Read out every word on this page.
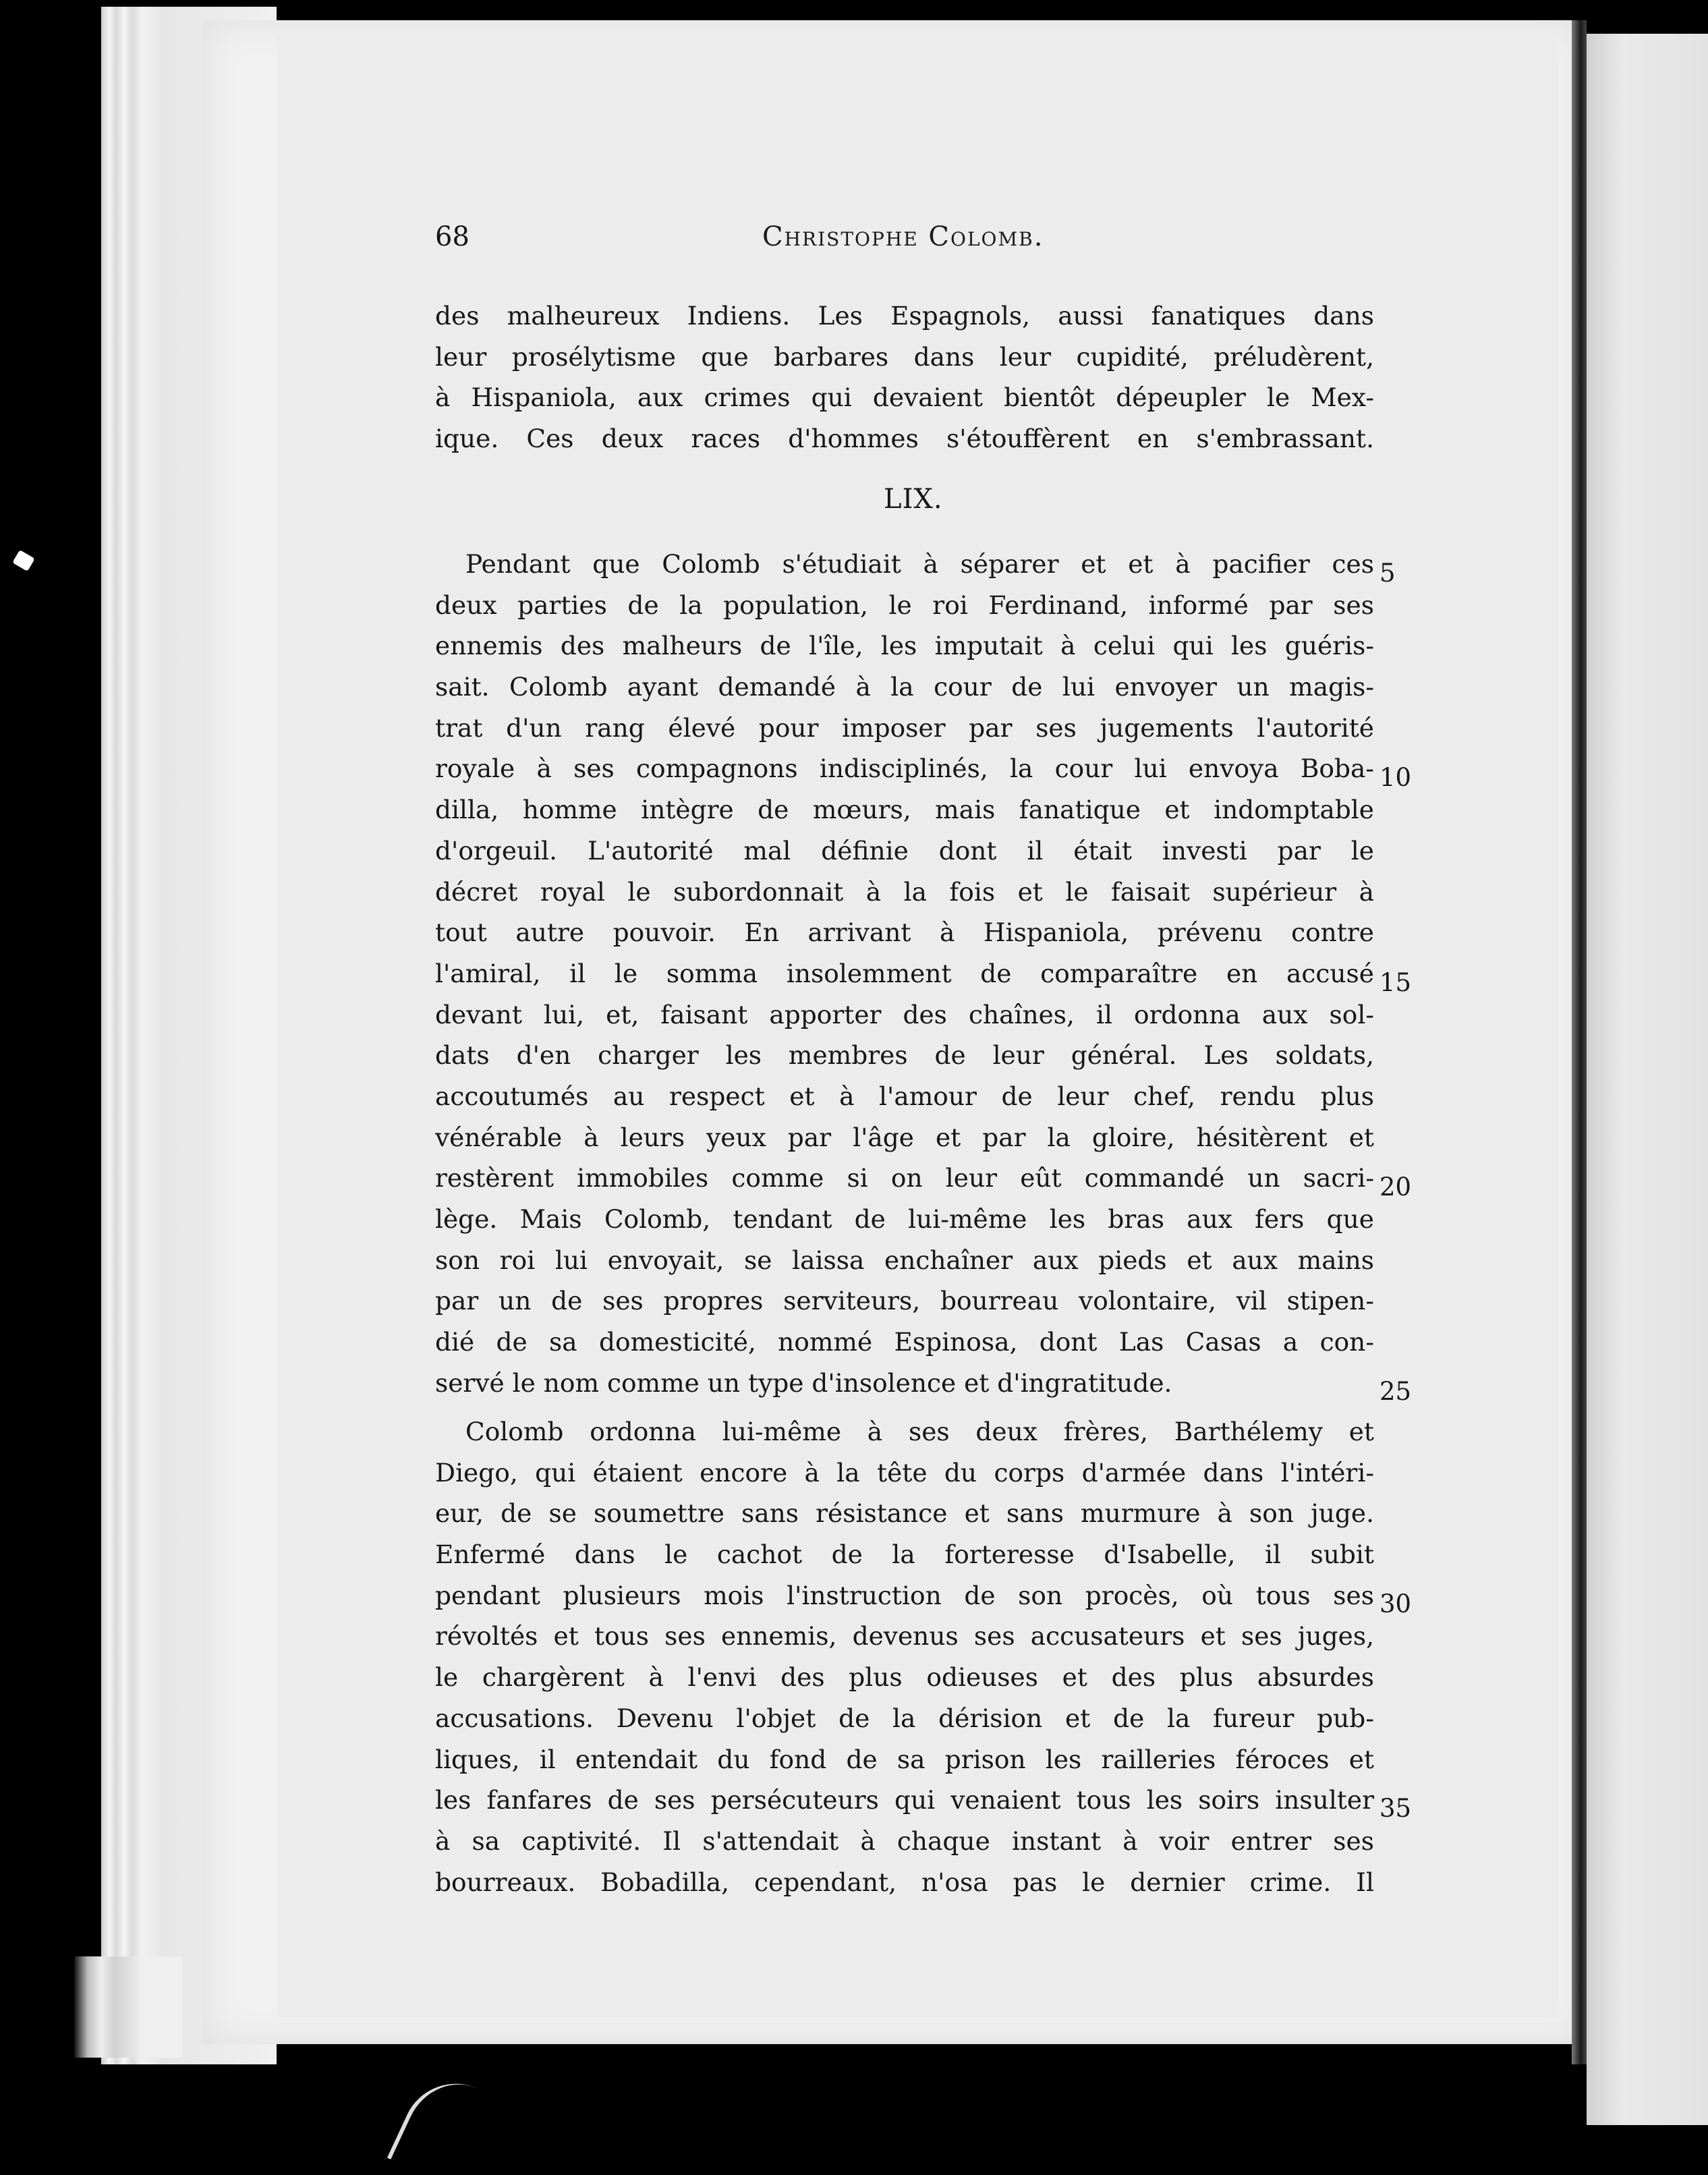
68	Christophe Colomb.
des malheureux Indiens. Les Espagnols, aussi fanatiques dans
leur prosélytisme que barbares dans leur cupidité, préludèrent,
à Hispaniola, aux crimes qui devaient bientôt dépeupler le Mex-
ique. Ces deux races d'hommes s'étouffèrent en s'embrassant.
LIX.
Pendant que Colomb s'étudiait à séparer et et à pacifier ces
deux parties de la population, le roi Ferdinand, informé par ses
ennemis des malheurs de l'île, les imputait à celui qui les guéris-
sait. Colomb ayant demandé à la cour de lui envoyer un magis-
trat d'un rang élevé pour imposer par ses jugements l'autorité
royale à ses compagnons indisciplinés, la cour lui envoya Boba-
dilla, homme intègre de mœurs, mais fanatique et indomptable
d'orgeuil. L'autorité mal définie dont il était investi par le
décret royal le subordonnait à la fois et le faisait supérieur à
tout autre pouvoir. En arrivant à Hispaniola, prévenu contre
l'amiral, il le somma insolemment de comparaître en accusé
devant lui, et, faisant apporter des chaînes, il ordonna aux sol-
dats d'en charger les membres de leur général. Les soldats,
accoutumés au respect et à l'amour de leur chef, rendu plus
vénérable à leurs yeux par l'âge et par la gloire, hésitèrent et
restèrent immobiles comme si on leur eût commandé un sacri-
lège. Mais Colomb, tendant de lui-même les bras aux fers que
son roi lui envoyait, se laissa enchaîner aux pieds et aux mains
par un de ses propres serviteurs, bourreau volontaire, vil stipen-
dié de sa domesticité, nommé Espinosa, dont Las Casas a con-
servé le nom comme un type d'insolence et d'ingratitude.
Colomb ordonna lui-même à ses deux frères, Barthélemy et
Diego, qui étaient encore à la tête du corps d'armée dans l'intéri-
eur, de se soumettre sans résistance et sans murmure à son juge.
Enfermé dans le cachot de la forteresse d'Isabelle, il subit
pendant plusieurs mois l'instruction de son procès, où tous ses
révoltés et tous ses ennemis, devenus ses accusateurs et ses juges,
le chargèrent à l'envi des plus odieuses et des plus absurdes
accusations. Devenu l'objet de la dérision et de la fureur pub-
liques, il entendait du fond de sa prison les railleries féroces et
les fanfares de ses persécuteurs qui venaient tous les soirs insulter
à sa captivité. Il s'attendait à chaque instant à voir entrer ses
bourreaux. Bobadilla, cependant, n'osa pas le dernier crime. Il
5
10
15
20
25
30
35
